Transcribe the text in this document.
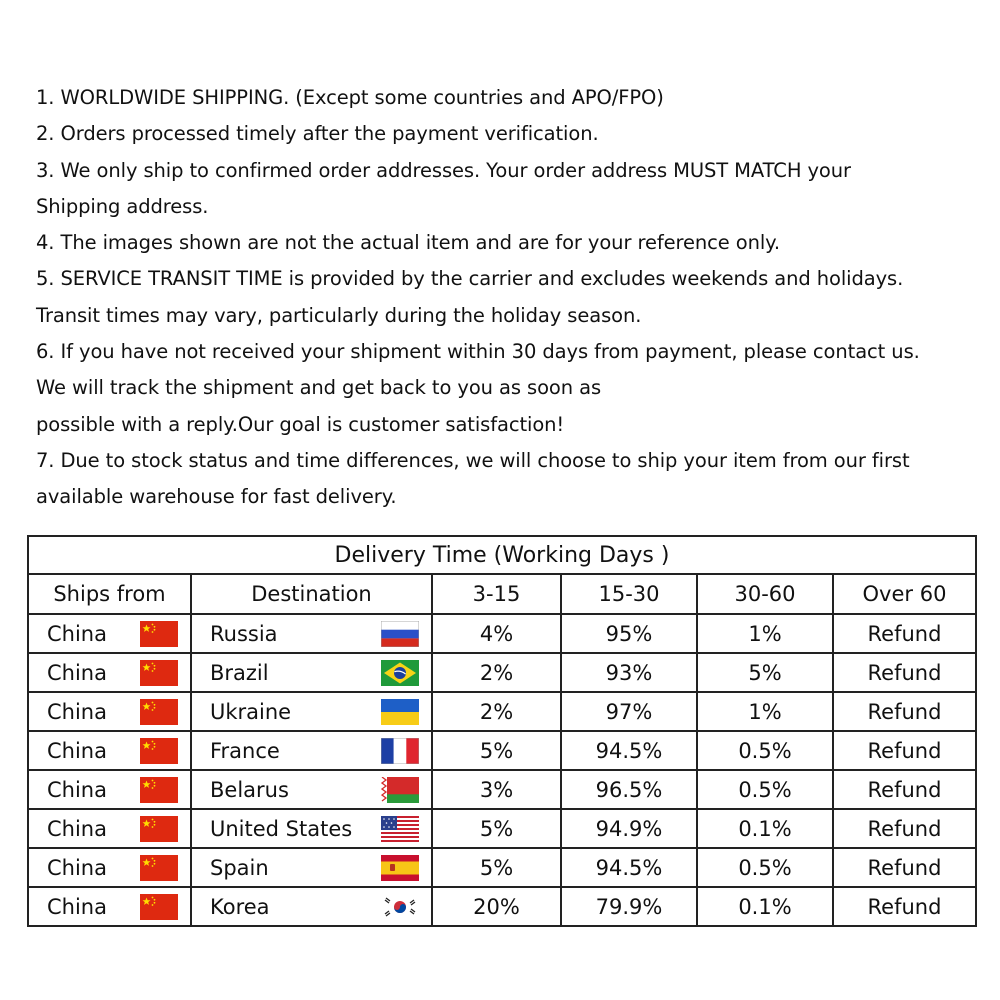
1. WORLDWIDE SHIPPING. (Except some countries and APO/FPO)
2. Orders processed timely after the payment verification.
3. We only ship to confirmed order addresses. Your order address MUST MATCH your
Shipping address.
4. The images shown are not the actual item and are for your reference only.
5. SERVICE TRANSIT TIME is provided by the carrier and excludes weekends and holidays.
Transit times may vary, particularly during the holiday season.
6. If you have not received your shipment within 30 days from payment, please contact us.
We will track the shipment and get back to you as soon as
possible with a reply.Our goal is customer satisfaction!
7. Due to stock status and time differences, we will choose to ship your item from our first
available warehouse for fast delivery.
Delivery Time (Working Days )					
Ships from	Destination	3-15	15-30	30-60	Over 60

China	Russia	4%	95%	1%	Refund

China	Brazil	2%	93%	5%	Refund

China	Ukraine	2%	97%	1%	Refund

China	France	5%	94.5%	0.5%	Refund

China	Belarus	3%	96.5%	0.5%	Refund

China	United States	5%	94.9%	0.1%	Refund

China	Spain	5%	94.5%	0.5%	Refund

China	Korea	20%	79.9%	0.1%	Refund
